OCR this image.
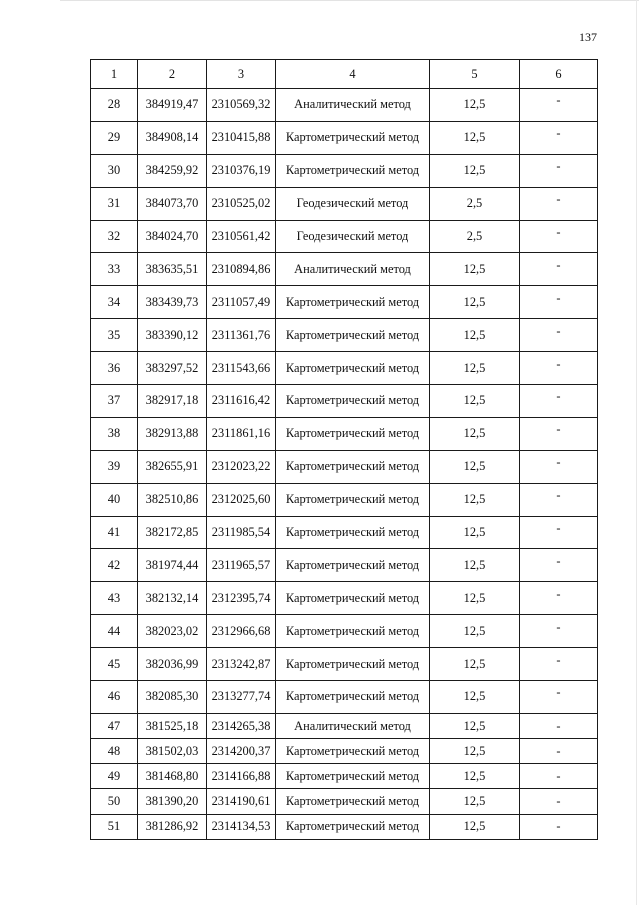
137
1	2	3	4	5	6
28	384919,47	2310569,32	Аналитический метод	12,5	-
29	384908,14	2310415,88	Картометрический метод	12,5	-
30	384259,92	2310376,19	Картометрический метод	12,5	-
31	384073,70	2310525,02	Геодезический метод	2,5	-
32	384024,70	2310561,42	Геодезический метод	2,5	-
33	383635,51	2310894,86	Аналитический метод	12,5	-
34	383439,73	2311057,49	Картометрический метод	12,5	-
35	383390,12	2311361,76	Картометрический метод	12,5	-
36	383297,52	2311543,66	Картометрический метод	12,5	-
37	382917,18	2311616,42	Картометрический метод	12,5	-
38	382913,88	2311861,16	Картометрический метод	12,5	-
39	382655,91	2312023,22	Картометрический метод	12,5	-
40	382510,86	2312025,60	Картометрический метод	12,5	-
41	382172,85	2311985,54	Картометрический метод	12,5	-
42	381974,44	2311965,57	Картометрический метод	12,5	-
43	382132,14	2312395,74	Картометрический метод	12,5	-
44	382023,02	2312966,68	Картометрический метод	12,5	-
45	382036,99	2313242,87	Картометрический метод	12,5	-
46	382085,30	2313277,74	Картометрический метод	12,5	-
47	381525,18	2314265,38	Аналитический метод	12,5	-
48	381502,03	2314200,37	Картометрический метод	12,5	-
49	381468,80	2314166,88	Картометрический метод	12,5	-
50	381390,20	2314190,61	Картометрический метод	12,5	-
51	381286,92	2314134,53	Картометрический метод	12,5	-
